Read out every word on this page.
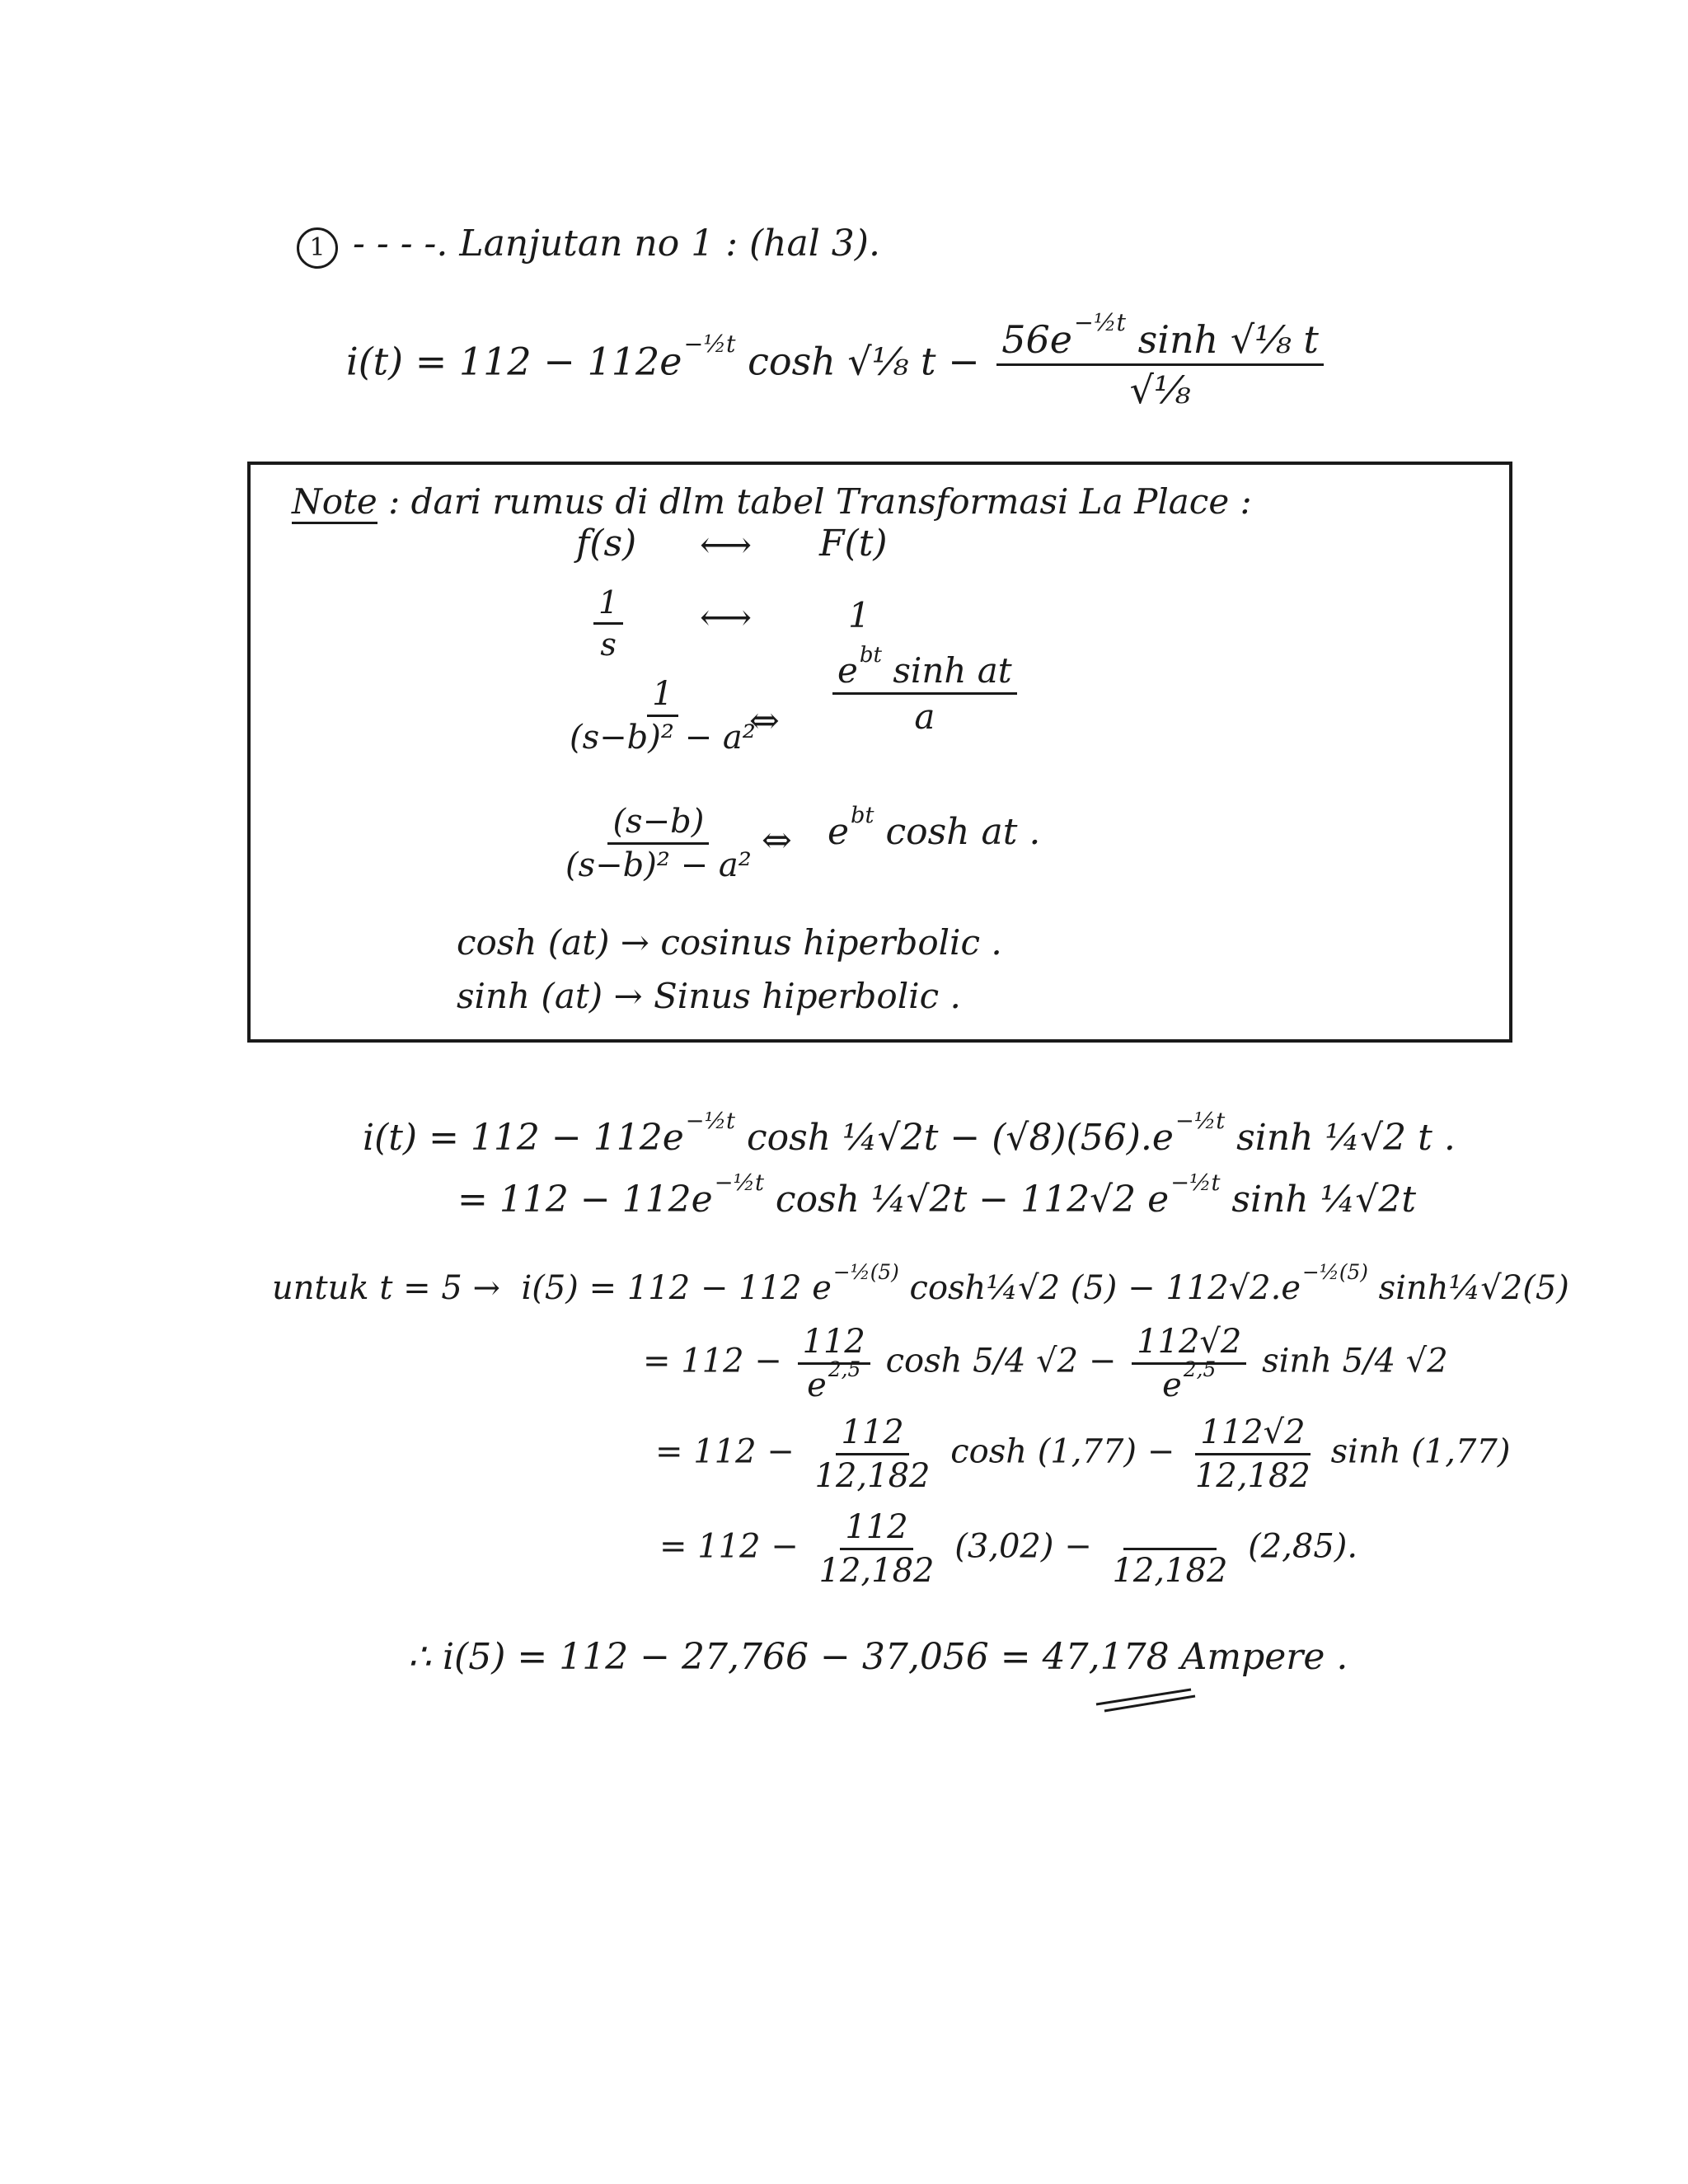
1 - - - -. Lanjutan no 1 : (hal 3).
$i(t) = 112 - 112e^{-\frac{1}{2}t}$ cosh √⅛ $t - \frac{56e^{-\frac{1}{2}t} \sinh √\frac{1}{8} t}{\text{√⅛}}$
Note : dari rumus di dlm tabel Transformasi La Place :
f(s) ⟷ F(t)
$\frac{1}{s}$ ⟷	1
$\frac{1}{\text{(s−b)² − a²}}$
⇔ $\frac{e^{bt} \sinh at}{a}$
$\frac{(s-b)}{\text{(s−b)² − a²}}$ ⇔ $e^{bt}$ cosh at .
cosh (at) → cosinus hiperbolic .
sinh (at) → Sinus hiperbolic .
$i(t) = 112 - 112e^{-\frac{1}{2}t}$ cosh ¼√2t − $(√8)(56).e^{-\frac{1}{2}t}$ sinh ¼√2 t .
= $112 - 112e^{-\frac{1}{2}t}$ cosh ¼√2t − 112√2 $e^{-\frac{1}{2}t}$ sinh ¼√2t
untuk t = 5 → i(5) = 112 − 112 $e^{-\frac{1}{2}(5)}$ cosh¼√2 $(5) - 112√2.e^{-\frac{1}{2}(5)}$ sinh¼√2(5)
= $112 - \frac{112}{e^{2,5}}$ cosh 5/4 $√2 - \frac{112√2}{e^{2,5}}$ sinh 5/4 √2
= $112 - \frac{112}{12,182}$ $\cosh (1,77) - \frac{112√2}{12,182}$ sinh (1,77)
= $112 - \frac{112}{12,182} (3,02)$ −

12,182
(2,85).
∴ i(5) = 112 − 27,766 − 37,056 = 47,178 Ampere .
